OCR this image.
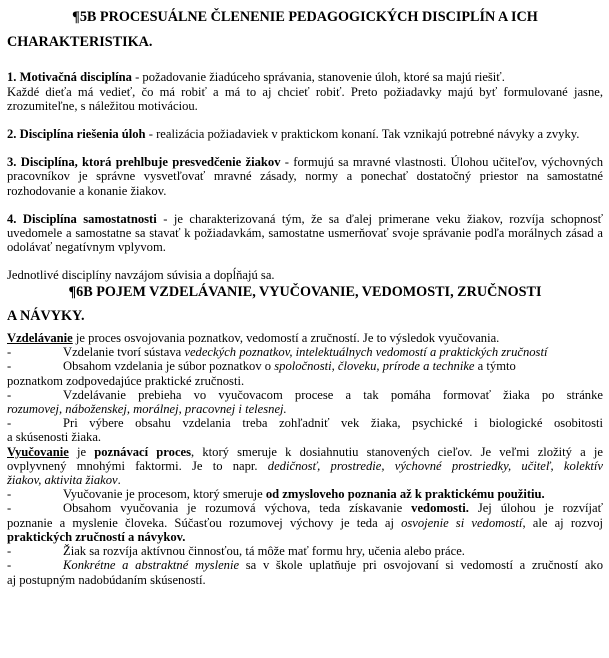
¶5B PROCESUÁLNE ČLENENIE PEDAGOGICKÝCH DISCIPLÍN A ICH

CHARAKTERISTIKA.

1. Motivačná disciplína - požadovanie žiadúceho správania, stanovenie úloh, ktoré sa majú riešiť.

Každé dieťa má vedieť, čo má robiť a má to aj chcieť robiť. Preto požiadavky majú byť formulované jasne, zrozumiteľne, s náležitou motiváciou.

2. Disciplína riešenia úloh - realizácia požiadaviek v praktickom konaní. Tak vznikajú potrebné návyky a zvyky.

3. Disciplína, ktorá prehlbuje presvedčenie žiakov - formujú sa mravné vlastnosti. Úlohou učiteľov, výchovných pracovníkov je správne vysvetľovať mravné zásady, normy a ponechať dostatočný priestor na samostatné rozhodovanie a konanie žiakov.

4. Disciplína samostatnosti - je charakterizovaná tým, že sa ďalej primerane veku žiakov, rozvíja schopnosť uvedomele a samostatne sa stavať k požiadavkám, samostatne usmerňovať svoje správanie podľa morálnych zásad a odolávať negatívnym vplyvom.

Jednotlivé disciplíny navzájom súvisia a dopĺňajú sa.

¶6B POJEM VZDELÁVANIE, VYUČOVANIE, VEDOMOSTI, ZRUČNOSTI

A NÁVYKY.

Vzdelávanie je proces osvojovania poznatkov, vedomostí a zručností. Je to výsledok vyučovania.

-	Vzdelanie tvorí sústava vedeckých poznatkov, intelektuálnych vedomostí a praktických zručností
-	Obsahom vzdelania je súbor poznatkov o spoločnosti, človeku, prírode a technike a týmto

poznatkom zodpovedajúce praktické zručnosti.

-	Vzdelávanie prebieha vo vyučovacom procese a tak pomáha formovať žiaka po stránke

rozumovej, náboženskej, morálnej, pracovnej i telesnej.

-	Pri výbere obsahu vzdelania treba zohľadniť vek žiaka, psychické i biologické osobitosti

a skúsenosti žiaka.

Vyučovanie je poznávací proces, ktorý smeruje k dosiahnutiu stanovených cieľov. Je veľmi zložitý a je

ovplyvnený mnohými faktormi. Je to napr. dedičnosť, prostredie, výchovné prostriedky, učiteľ, kolektív

žiakov, aktivita žiakov.

-	Vyučovanie je procesom, ktorý smeruje od zmysloveho poznania až k praktickému použitiu.
-	Obsahom vyučovania je rozumová výchova, teda získavanie vedomosti. Jej úlohou je rozvíjať

poznanie a myslenie človeka. Súčasťou rozumovej výchovy je teda aj osvojenie si vedomostí, ale aj rozvoj

praktických zručností a návykov.

-	Žiak sa rozvíja aktívnou činnosťou, tá môže mať formu hry, učenia alebo práce.
-	Konkrétne a abstraktné myslenie sa v škole uplatňuje pri osvojovaní si vedomostí a zručností ako

aj postupným nadobúdaním skúseností.
